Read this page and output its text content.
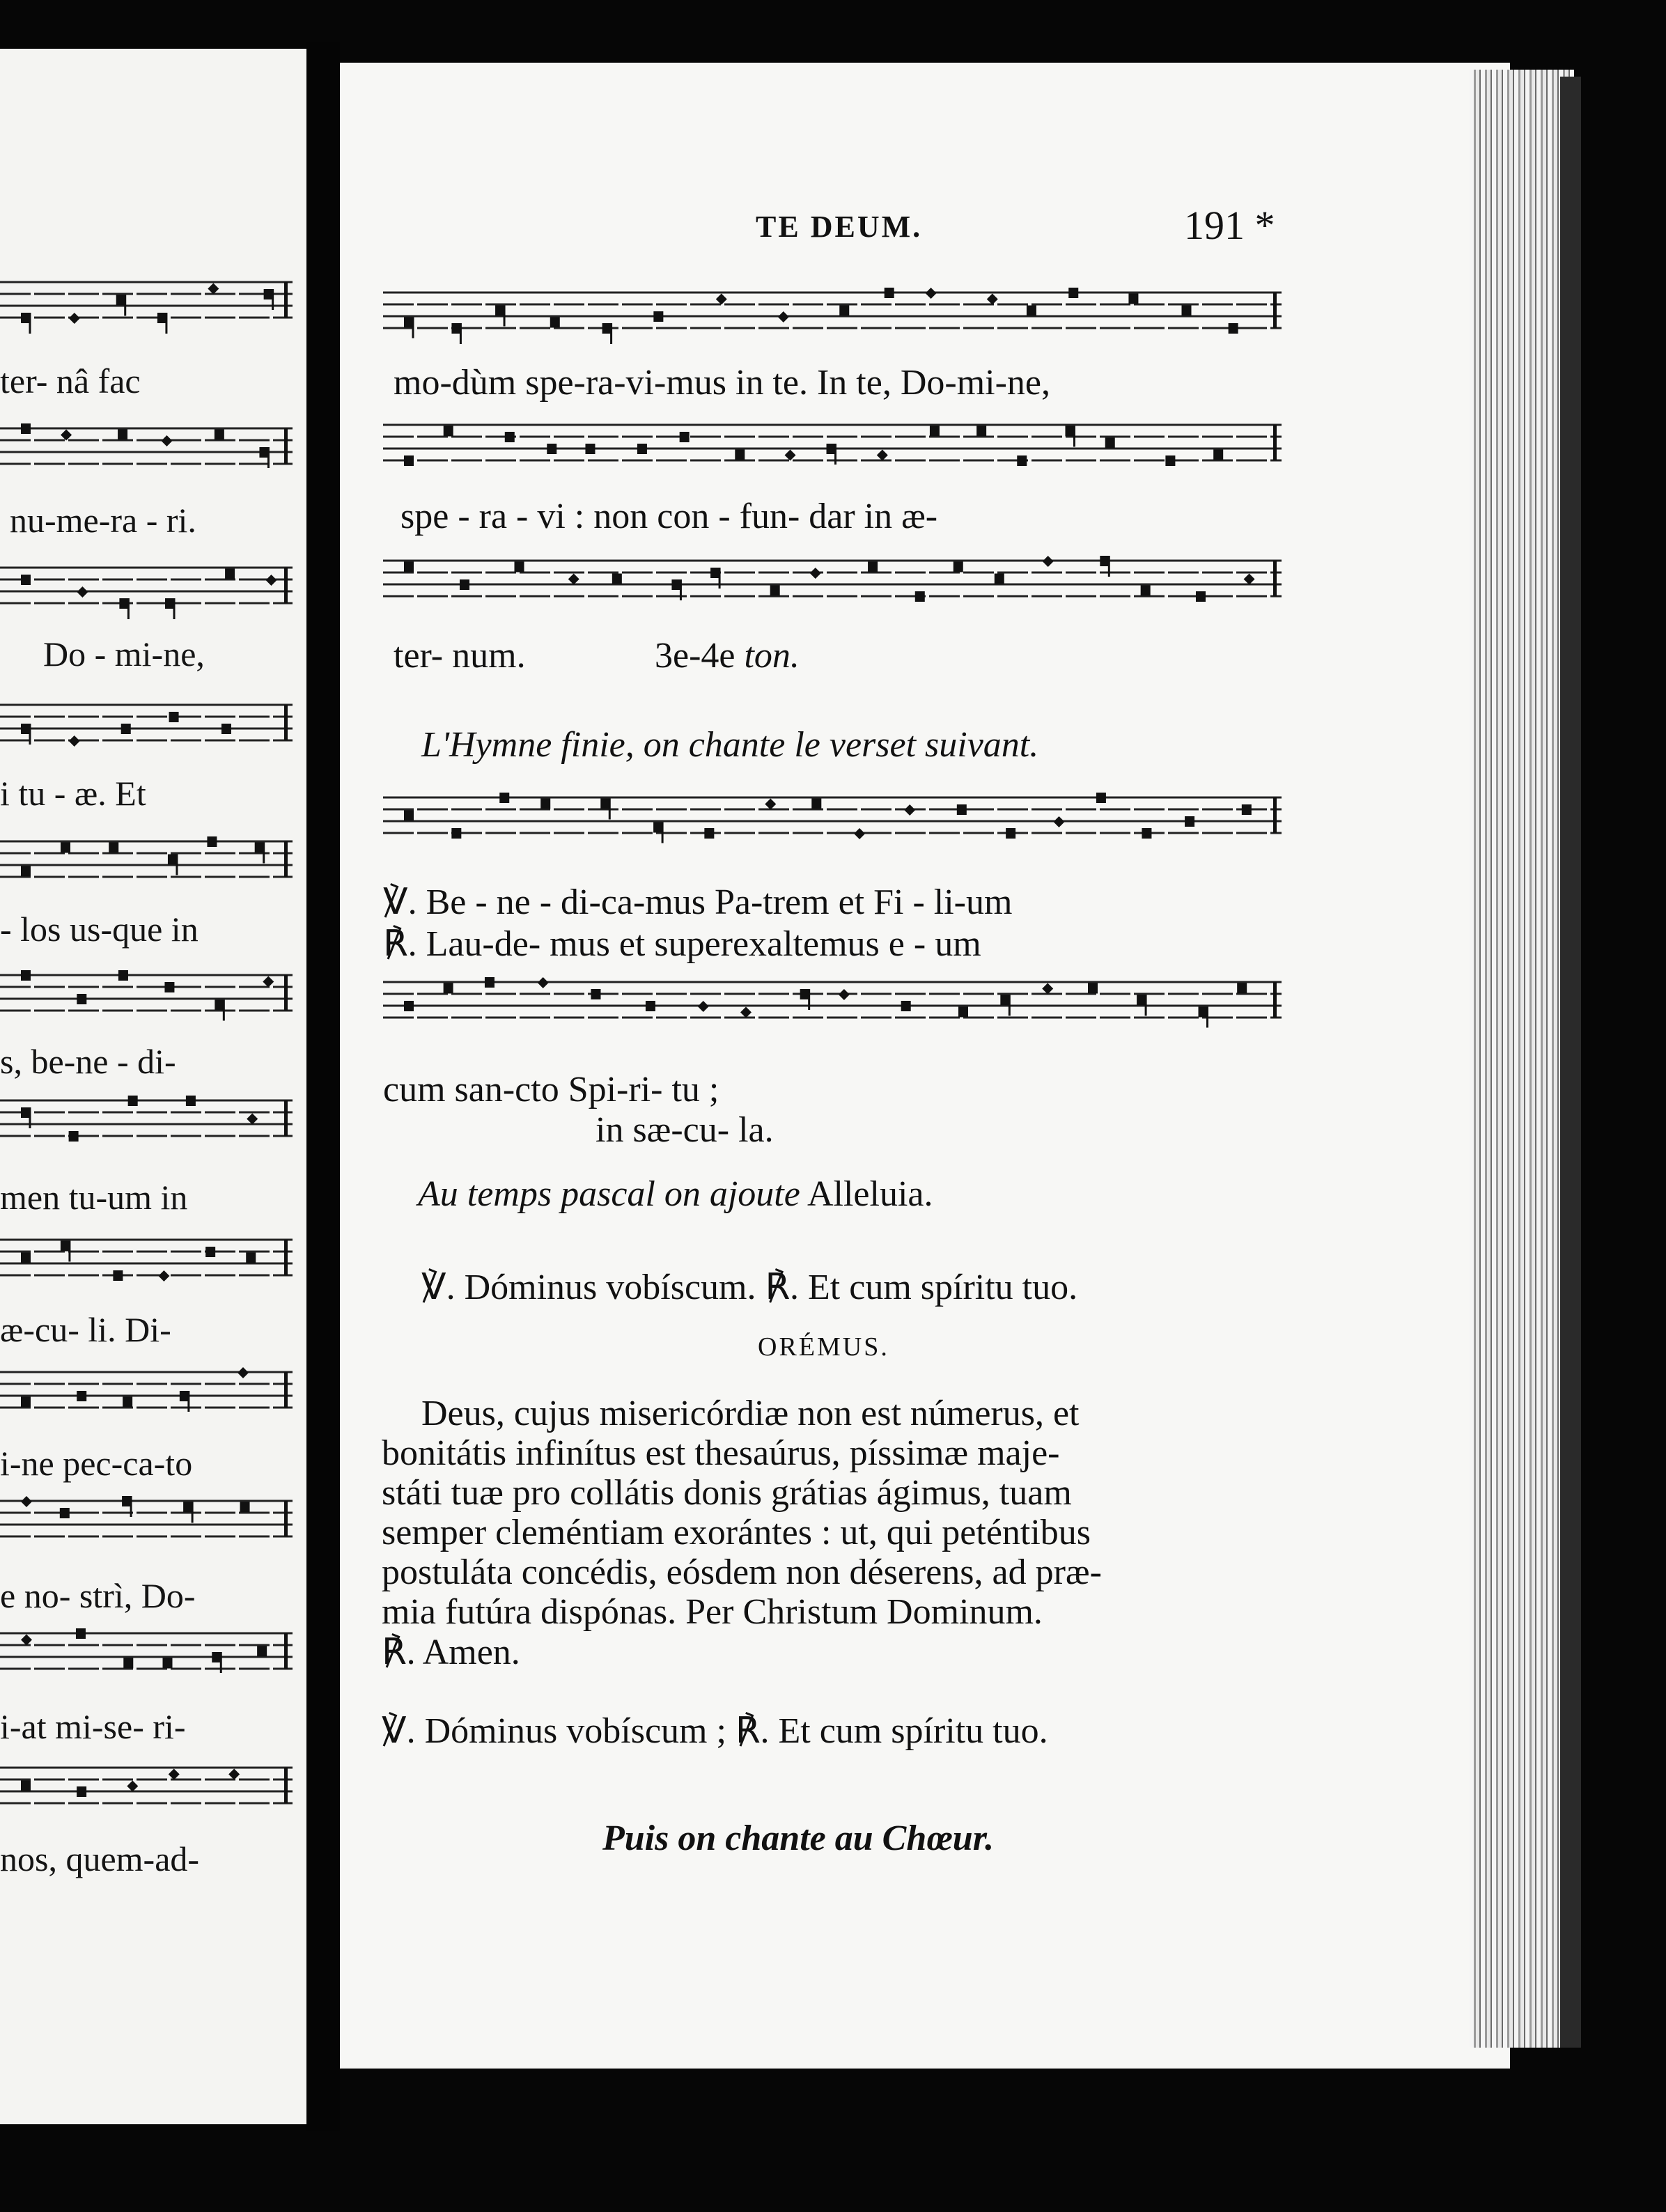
ter- nâ fac
nu-me-ra - ri.
Do - mi-ne,
i tu - æ. Et
- los us-que in
s, be-ne - di-
men tu-um in
æ-cu- li. Di-
i-ne pec-ca-to
e no- strì, Do-
i-at mi-se- ri-
nos, quem-ad-
TE DEUM.	191 *
mo-dùm spe-ra-vi-mus in te. In te, Do-mi-ne,
spe - ra - vi : non con - fun- dar in æ-
ter- num.	3e-4e ton.
L'Hymne finie, on chante le verset suivant.
℣. Be - ne - di-ca-mus Pa-trem et Fi - li-um
℟. Lau-de- mus et superexaltemus e - um
cum san-cto Spi-ri- tu ;
in sæ-cu- la.
Au temps pascal on ajoute Alleluia.
℣. Dóminus vobíscum. ℟. Et cum spíritu tuo.
ORÉMUS.
Deus, cujus misericórdiæ non est númerus, et
bonitátis infinítus est thesaúrus, píssimæ maje-
státi tuæ pro collátis donis grátias ágimus, tuam
semper cleméntiam exorántes : ut, qui peténtibus
postuláta concédis, eósdem non déserens, ad præ-
mia futúra dispónas. Per Christum Dominum.
℟. Amen.
℣. Dóminus vobíscum ; ℟. Et cum spíritu tuo.
Puis on chante au Chœur.
